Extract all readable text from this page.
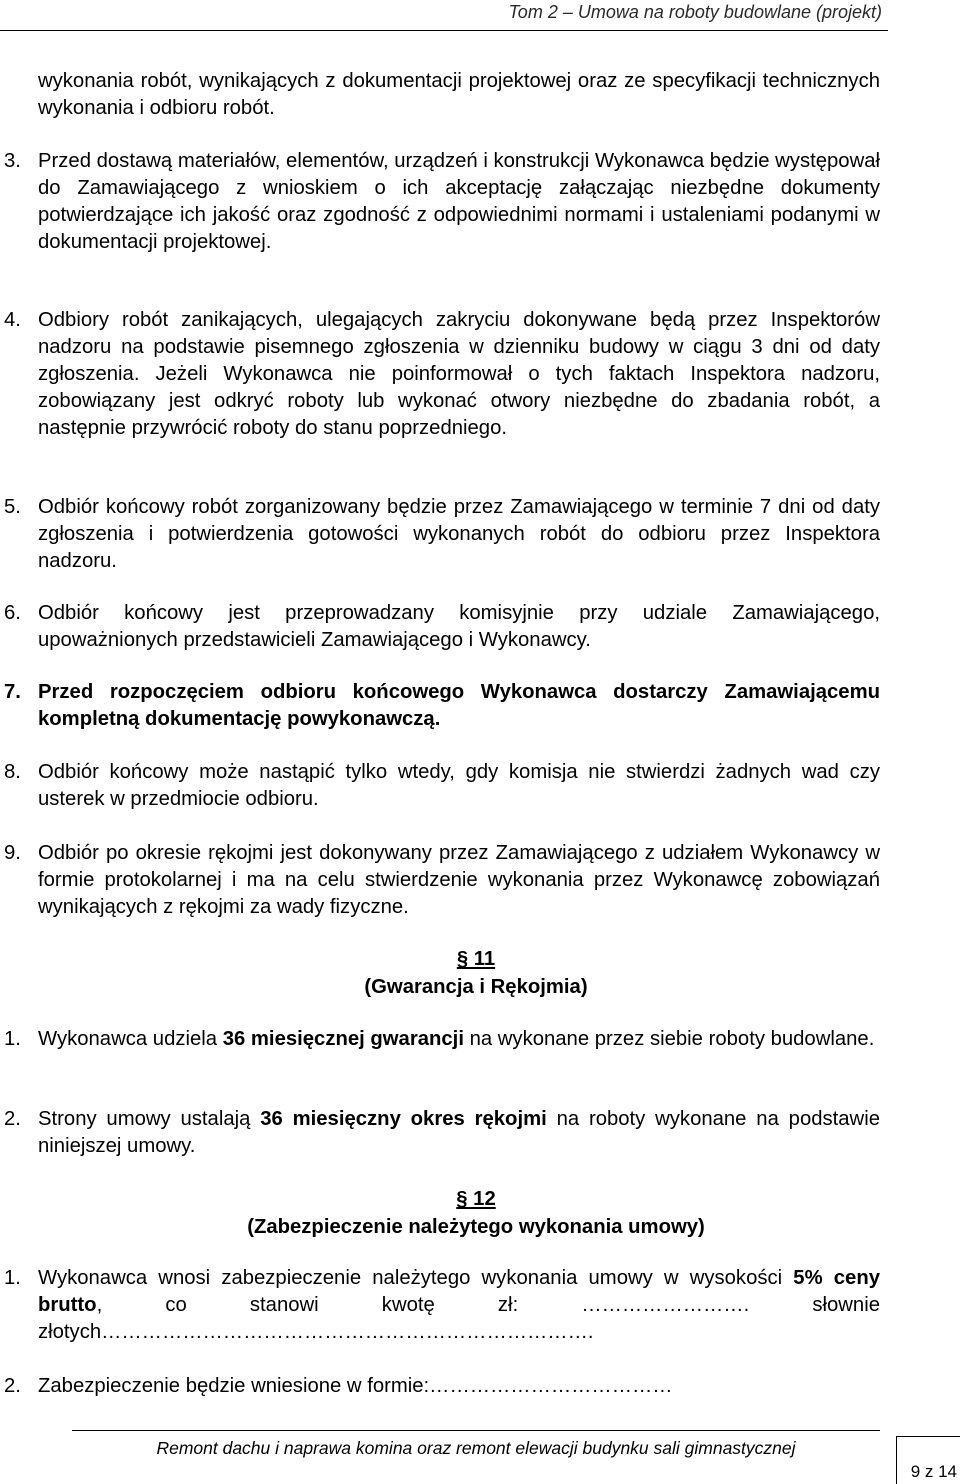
Tom 2 – Umowa na roboty budowlane (projekt)
wykonania robót, wynikających z dokumentacji projektowej oraz ze specyfikacji technicznych wykonania i odbioru robót.
3. Przed dostawą materiałów, elementów, urządzeń i konstrukcji Wykonawca będzie występował do Zamawiającego z wnioskiem o ich akceptację załączając niezbędne dokumenty potwierdzające ich jakość oraz zgodność z odpowiednimi normami i ustaleniami podanymi w dokumentacji projektowej.
4. Odbiory robót zanikających, ulegających zakryciu dokonywane będą przez Inspektorów nadzoru na podstawie pisemnego zgłoszenia w dzienniku budowy w ciągu 3 dni od daty zgłoszenia. Jeżeli Wykonawca nie poinformował o tych faktach Inspektora nadzoru, zobowiązany jest odkryć roboty lub wykonać otwory niezbędne do zbadania robót, a następnie przywrócić roboty do stanu poprzedniego.
5. Odbiór końcowy robót zorganizowany będzie przez Zamawiającego w terminie 7 dni od daty zgłoszenia i potwierdzenia gotowości wykonanych robót do odbioru przez Inspektora nadzoru.
6. Odbiór końcowy jest przeprowadzany komisyjnie przy udziale Zamawiającego, upoważnionych przedstawicieli Zamawiającego i Wykonawcy.
7. Przed rozpoczęciem odbioru końcowego Wykonawca dostarczy Zamawiającemu kompletną dokumentację powykonawczą.
8. Odbiór końcowy może nastąpić tylko wtedy, gdy komisja nie stwierdzi żadnych wad czy usterek w przedmiocie odbioru.
9. Odbiór po okresie rękojmi jest dokonywany przez Zamawiającego z udziałem Wykonawcy w formie protokolarnej i ma na celu stwierdzenie wykonania przez Wykonawcę zobowiązań wynikających z rękojmi za wady fizyczne.
§ 11
(Gwarancja i Rękojmia)
1. Wykonawca udziela 36 miesięcznej gwarancji na wykonane przez siebie roboty budowlane.
2. Strony umowy ustalają 36 miesięczny okres rękojmi na roboty wykonane na podstawie niniejszej umowy.
§ 12
(Zabezpieczenie należytego wykonania umowy)
1. Wykonawca wnosi zabezpieczenie należytego wykonania umowy w wysokości 5% ceny brutto, co stanowi kwotę zł: ……………………. słownie złotych……………………………………………………………….
2. Zabezpieczenie będzie wniesione w formie:………………………………
Remont dachu i naprawa komina oraz remont elewacji budynku sali gimnastycznej
9 z 14
